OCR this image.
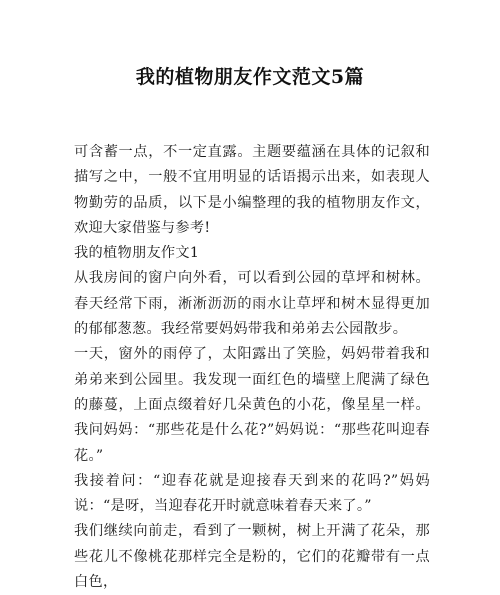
我的植物朋友作文范文5篇

可含蓄一点，不一定直露。主题要蕴涵在具体的记叙和描写之中，一般不宜用明显的话语揭示出来，如表现人物勤劳的品质，以下是小编整理的我的植物朋友作文，欢迎大家借鉴与参考!

我的植物朋友作文1

从我房间的窗户向外看，可以看到公园的草坪和树林。春天经常下雨，淅淅沥沥的雨水让草坪和树木显得更加的郁郁葱葱。我经常要妈妈带我和弟弟去公园散步。

一天，窗外的雨停了，太阳露出了笑脸，妈妈带着我和弟弟来到公园里。我发现一面红色的墙壁上爬满了绿色的藤蔓，上面点缀着好几朵黄色的小花，像星星一样。我问妈妈：“那些花是什么花?”妈妈说：“那些花叫迎春花。”

我接着问：“迎春花就是迎接春天到来的花吗?”妈妈说：“是呀，当迎春花开时就意味着春天来了。”

我们继续向前走，看到了一颗树，树上开满了花朵，那些花儿不像桃花那样完全是粉的，它们的花瓣带有一点白色，
